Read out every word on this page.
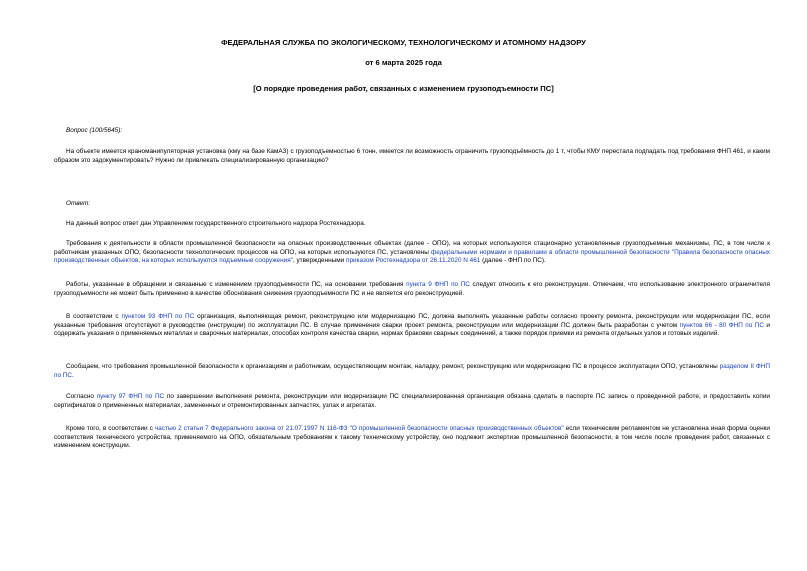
ФЕДЕРАЛЬНАЯ СЛУЖБА ПО ЭКОЛОГИЧЕСКОМУ, ТЕХНОЛОГИЧЕСКОМУ И АТОМНОМУ НАДЗОРУ
от 6 марта 2025 года
[О порядке проведения работ, связанных с изменением грузоподъемности ПС]
Вопрос (100/5645):
На объекте имеется краноманипуляторная установка (кму на базе КамАЗ) с грузоподъемностью 6 тонн, имеется ли возможность ограничить грузоподъёмность до 1 т, чтобы КМУ перестала подпадать под требования ФНП 461, и каким образом это задокументировать? Нужно ли привлекать специализированную организацию?
Ответ:
На данный вопрос ответ дан Управлением государственного строительного надзора Ростехнадзора.
Требования к деятельности в области промышленной безопасности на опасных производственных объектах (далее - ОПО), на которых используются стационарно установленные грузоподъемные механизмы, ПС, в том числе к работникам указанных ОПО, безопасности технологических процессов на ОПО, на которых используются ПС, установлены федеральными нормами и правилами в области промышленной безопасности "Правила безопасности опасных производственных объектов, на которых используются подъемные сооружения", утвержденными приказом Ростехнадзора от 26.11.2020 N 461 (далее - ФНП по ПС).
Работы, указанные в обращении и связанные с изменением грузоподъемности ПС, на основании требования пункта 9 ФНП по ПС следует относить к его реконструкции. Отмечаем, что использование электронного ограничителя грузоподъемности не может быть применено в качестве обоснования снижения грузоподъемности ПС и не является его реконструкцией.
В соответствии с пунктом 93 ФНП по ПС организация, выполняющая ремонт, реконструкцию или модернизацию ПС, должна выполнять указанные работы согласно проекту ремонта, реконструкции или модернизации ПС, если указанные требования отсутствуют в руководстве (инструкции) по эксплуатации ПС. В случае применения сварки проект ремонта, реконструкции или модернизации ПС должен быть разработан с учетом пунктов 66 - 80 ФНП по ПС и содержать указания о применяемых металлах и сварочных материалах, способах контроля качества сварки, нормах браковки сварных соединений, а также порядок приемки из ремонта отдельных узлов и готовых изделий.
Сообщаем, что требования промышленной безопасности к организациям и работникам, осуществляющим монтаж, наладку, ремонт, реконструкцию или модернизацию ПС в процессе эксплуатации ОПО, установлены разделом II ФНП по ПС.
Согласно пункту 97 ФНП по ПС по завершении выполнения ремонта, реконструкции или модернизации ПС специализированная организация обязана сделать в паспорте ПС запись о проведенной работе, и предоставить копии сертификатов о примененных материалах, замененных и отремонтированных запчастях, узлах и агрегатах.
Кроме того, в соответствии с частью 2 статьи 7 Федерального закона от 21.07.1997 N 116-ФЗ "О промышленной безопасности опасных производственных объектов" если техническим регламентом не установлена иная форма оценки соответствия технического устройства, применяемого на ОПО, обязательным требованиям к такому техническому устройству, оно подлежит экспертизе промышленной безопасности, в том числе после проведения работ, связанных с изменением конструкции.
